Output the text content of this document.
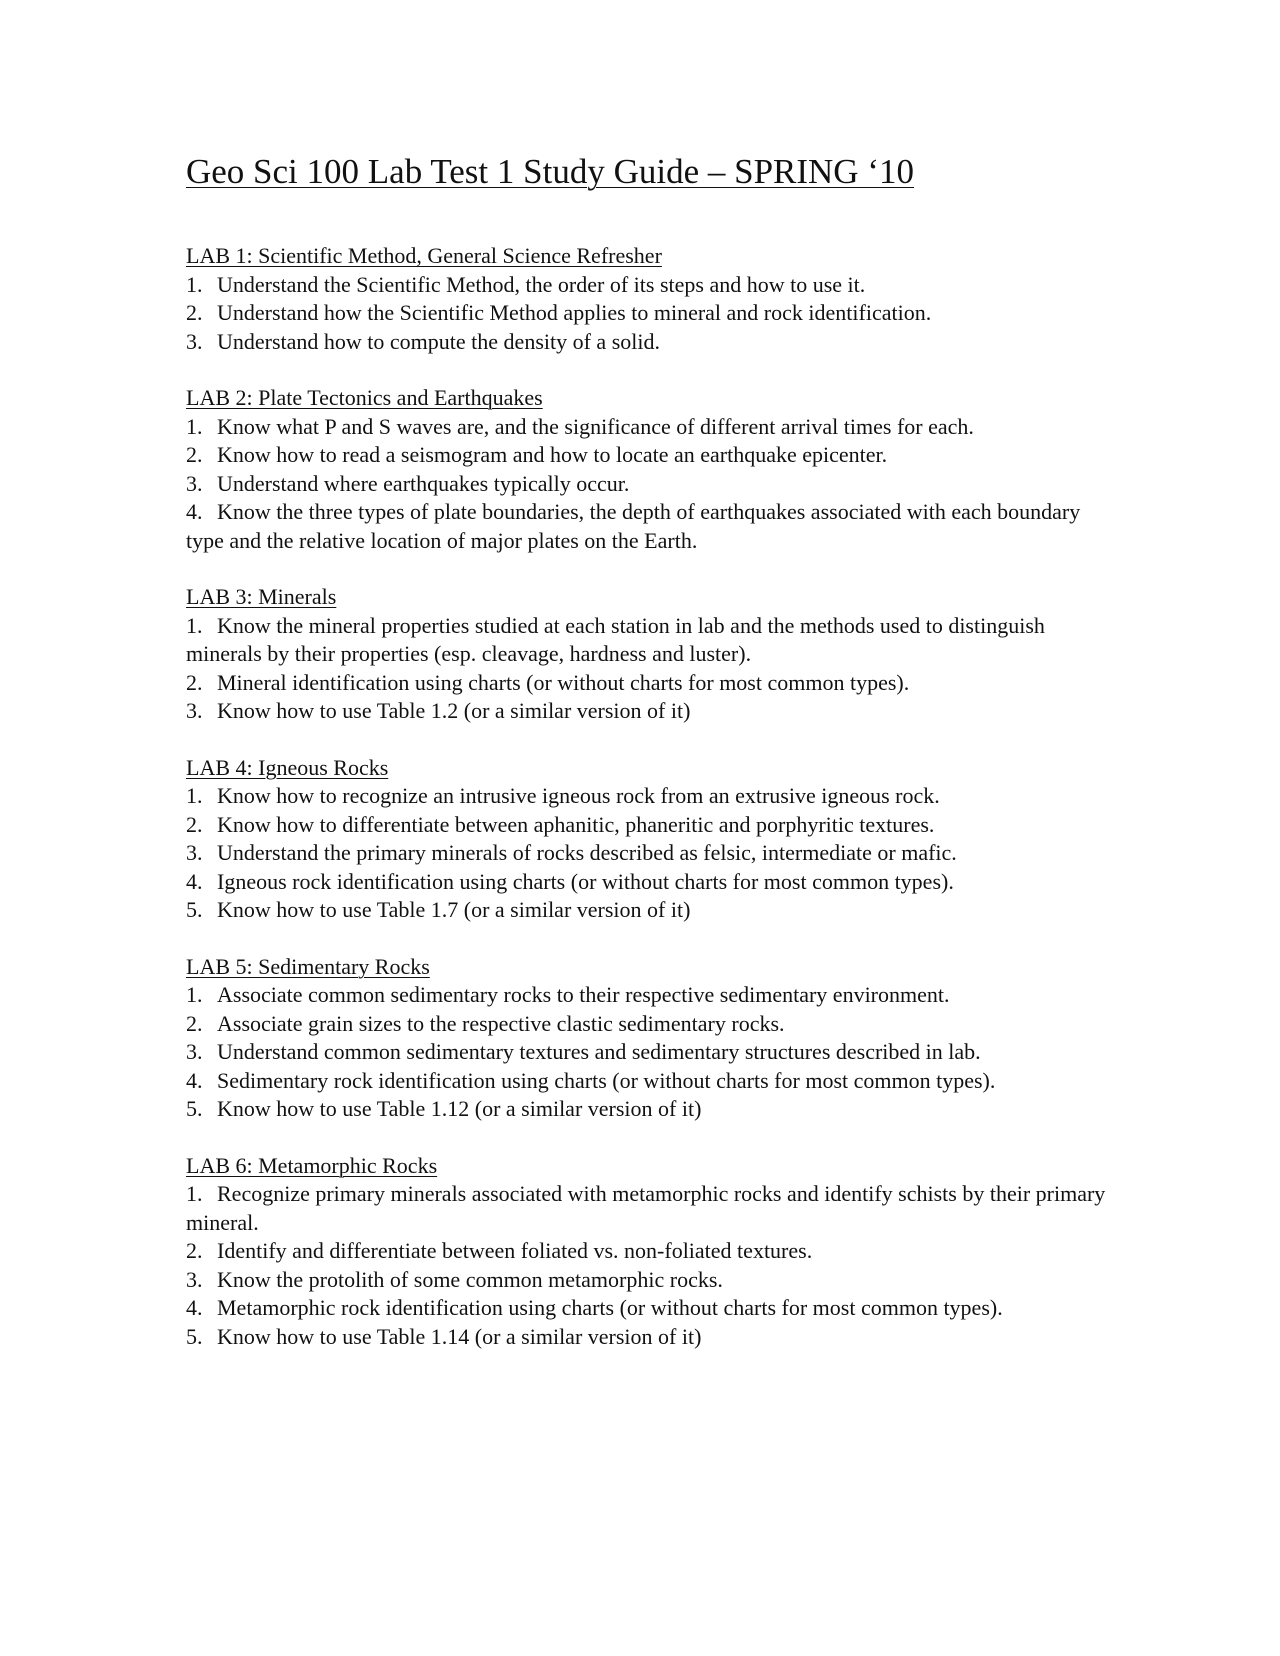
Geo Sci 100 Lab Test 1 Study Guide – SPRING ‘10
LAB 1: Scientific Method, General Science Refresher
1. Understand the Scientific Method, the order of its steps and how to use it.
2. Understand how the Scientific Method applies to mineral and rock identification.
3. Understand how to compute the density of a solid.
LAB 2: Plate Tectonics and Earthquakes
1. Know what P and S waves are, and the significance of different arrival times for each.
2. Know how to read a seismogram and how to locate an earthquake epicenter.
3. Understand where earthquakes typically occur.
4. Know the three types of plate boundaries, the depth of earthquakes associated with each boundary type and the relative location of major plates on the Earth.
LAB 3: Minerals
1. Know the mineral properties studied at each station in lab and the methods used to distinguish minerals by their properties (esp. cleavage, hardness and luster).
2. Mineral identification using charts (or without charts for most common types).
3. Know how to use Table 1.2 (or a similar version of it)
LAB 4: Igneous Rocks
1. Know how to recognize an intrusive igneous rock from an extrusive igneous rock.
2. Know how to differentiate between aphanitic, phaneritic and porphyritic textures.
3. Understand the primary minerals of rocks described as felsic, intermediate or mafic.
4. Igneous rock identification using charts (or without charts for most common types).
5. Know how to use Table 1.7 (or a similar version of it)
LAB 5: Sedimentary Rocks
1. Associate common sedimentary rocks to their respective sedimentary environment.
2. Associate grain sizes to the respective clastic sedimentary rocks.
3. Understand common sedimentary textures and sedimentary structures described in lab.
4. Sedimentary rock identification using charts (or without charts for most common types).
5. Know how to use Table 1.12 (or a similar version of it)
LAB 6: Metamorphic Rocks
1. Recognize primary minerals associated with metamorphic rocks and identify schists by their primary mineral.
2. Identify and differentiate between foliated vs. non-foliated textures.
3. Know the protolith of some common metamorphic rocks.
4. Metamorphic rock identification using charts (or without charts for most common types).
5. Know how to use Table 1.14 (or a similar version of it)
